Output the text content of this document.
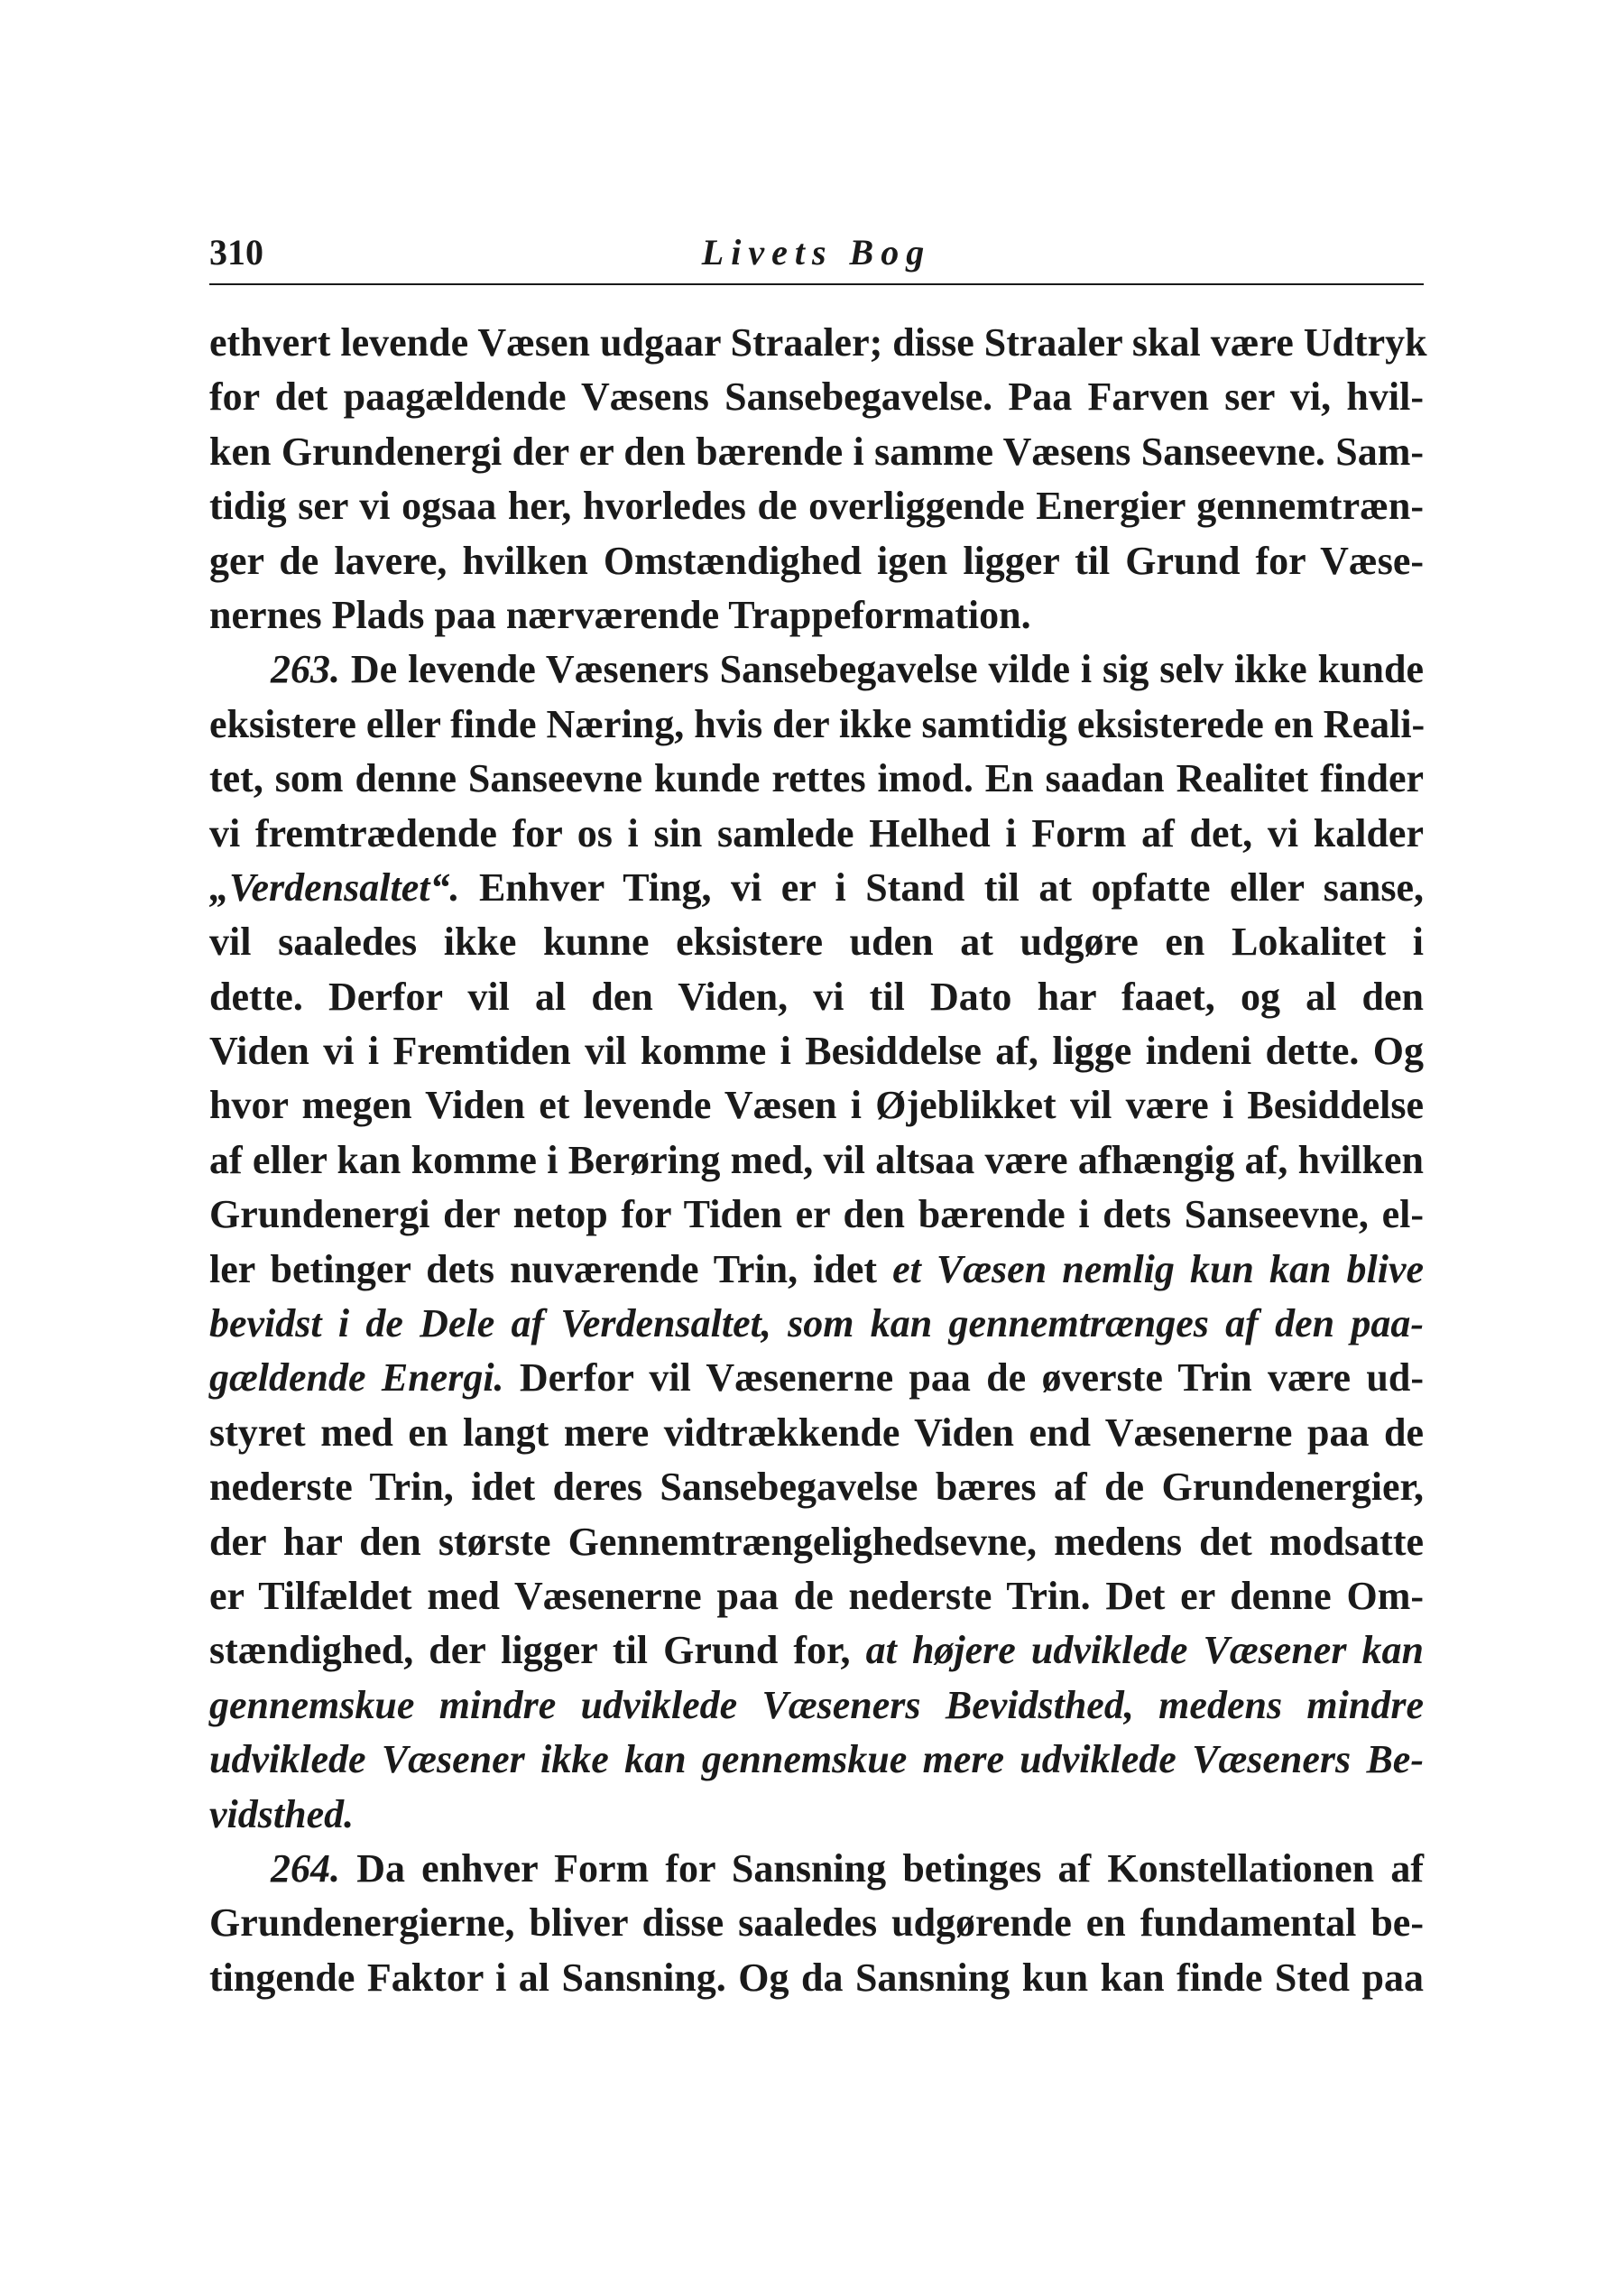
310	Livets Bog
ethvert levende Væsen udgaar Straaler; disse Straaler skal være Udtryk
for det paagældende Væsens Sansebegavelse. Paa Farven ser vi, hvil-
ken Grundenergi der er den bærende i samme Væsens Sanseevne. Sam-
tidig ser vi ogsaa her, hvorledes de overliggende Energier gennemtræn-
ger de lavere, hvilken Omstændighed igen ligger til Grund for Væse-
nernes Plads paa nærværende Trappeformation.
263. De levende Væseners Sansebegavelse vilde i sig selv ikke kunde
eksistere eller finde Næring, hvis der ikke samtidig eksisterede en Reali-
tet, som denne Sanseevne kunde rettes imod. En saadan Realitet finder
vi fremtrædende for os i sin samlede Helhed i Form af det, vi kalder
„Verdensaltet“. Enhver Ting, vi er i Stand til at opfatte eller sanse,
vil saaledes ikke kunne eksistere uden at udgøre en Lokalitet i
dette. Derfor vil al den Viden, vi til Dato har faaet, og al den
Viden vi i Fremtiden vil komme i Besiddelse af, ligge indeni dette. Og
hvor megen Viden et levende Væsen i Øjeblikket vil være i Besiddelse
af eller kan komme i Berøring med, vil altsaa være afhængig af, hvilken
Grundenergi der netop for Tiden er den bærende i dets Sanseevne, el-
ler betinger dets nuværende Trin, idet et Væsen nemlig kun kan blive
bevidst i de Dele af Verdensaltet, som kan gennemtrænges af den paa-
gældende Energi. Derfor vil Væsenerne paa de øverste Trin være ud-
styret med en langt mere vidtrækkende Viden end Væsenerne paa de
nederste Trin, idet deres Sansebegavelse bæres af de Grundenergier,
der har den største Gennemtrængelighedsevne, medens det modsatte
er Tilfældet med Væsenerne paa de nederste Trin. Det er denne Om-
stændighed, der ligger til Grund for, at højere udviklede Væsener kan
gennemskue mindre udviklede Væseners Bevidsthed, medens mindre
udviklede Væsener ikke kan gennemskue mere udviklede Væseners Be-
vidsthed.
264. Da enhver Form for Sansning betinges af Konstellationen af
Grundenergierne, bliver disse saaledes udgørende en fundamental be-
tingende Faktor i al Sansning. Og da Sansning kun kan finde Sted paa
